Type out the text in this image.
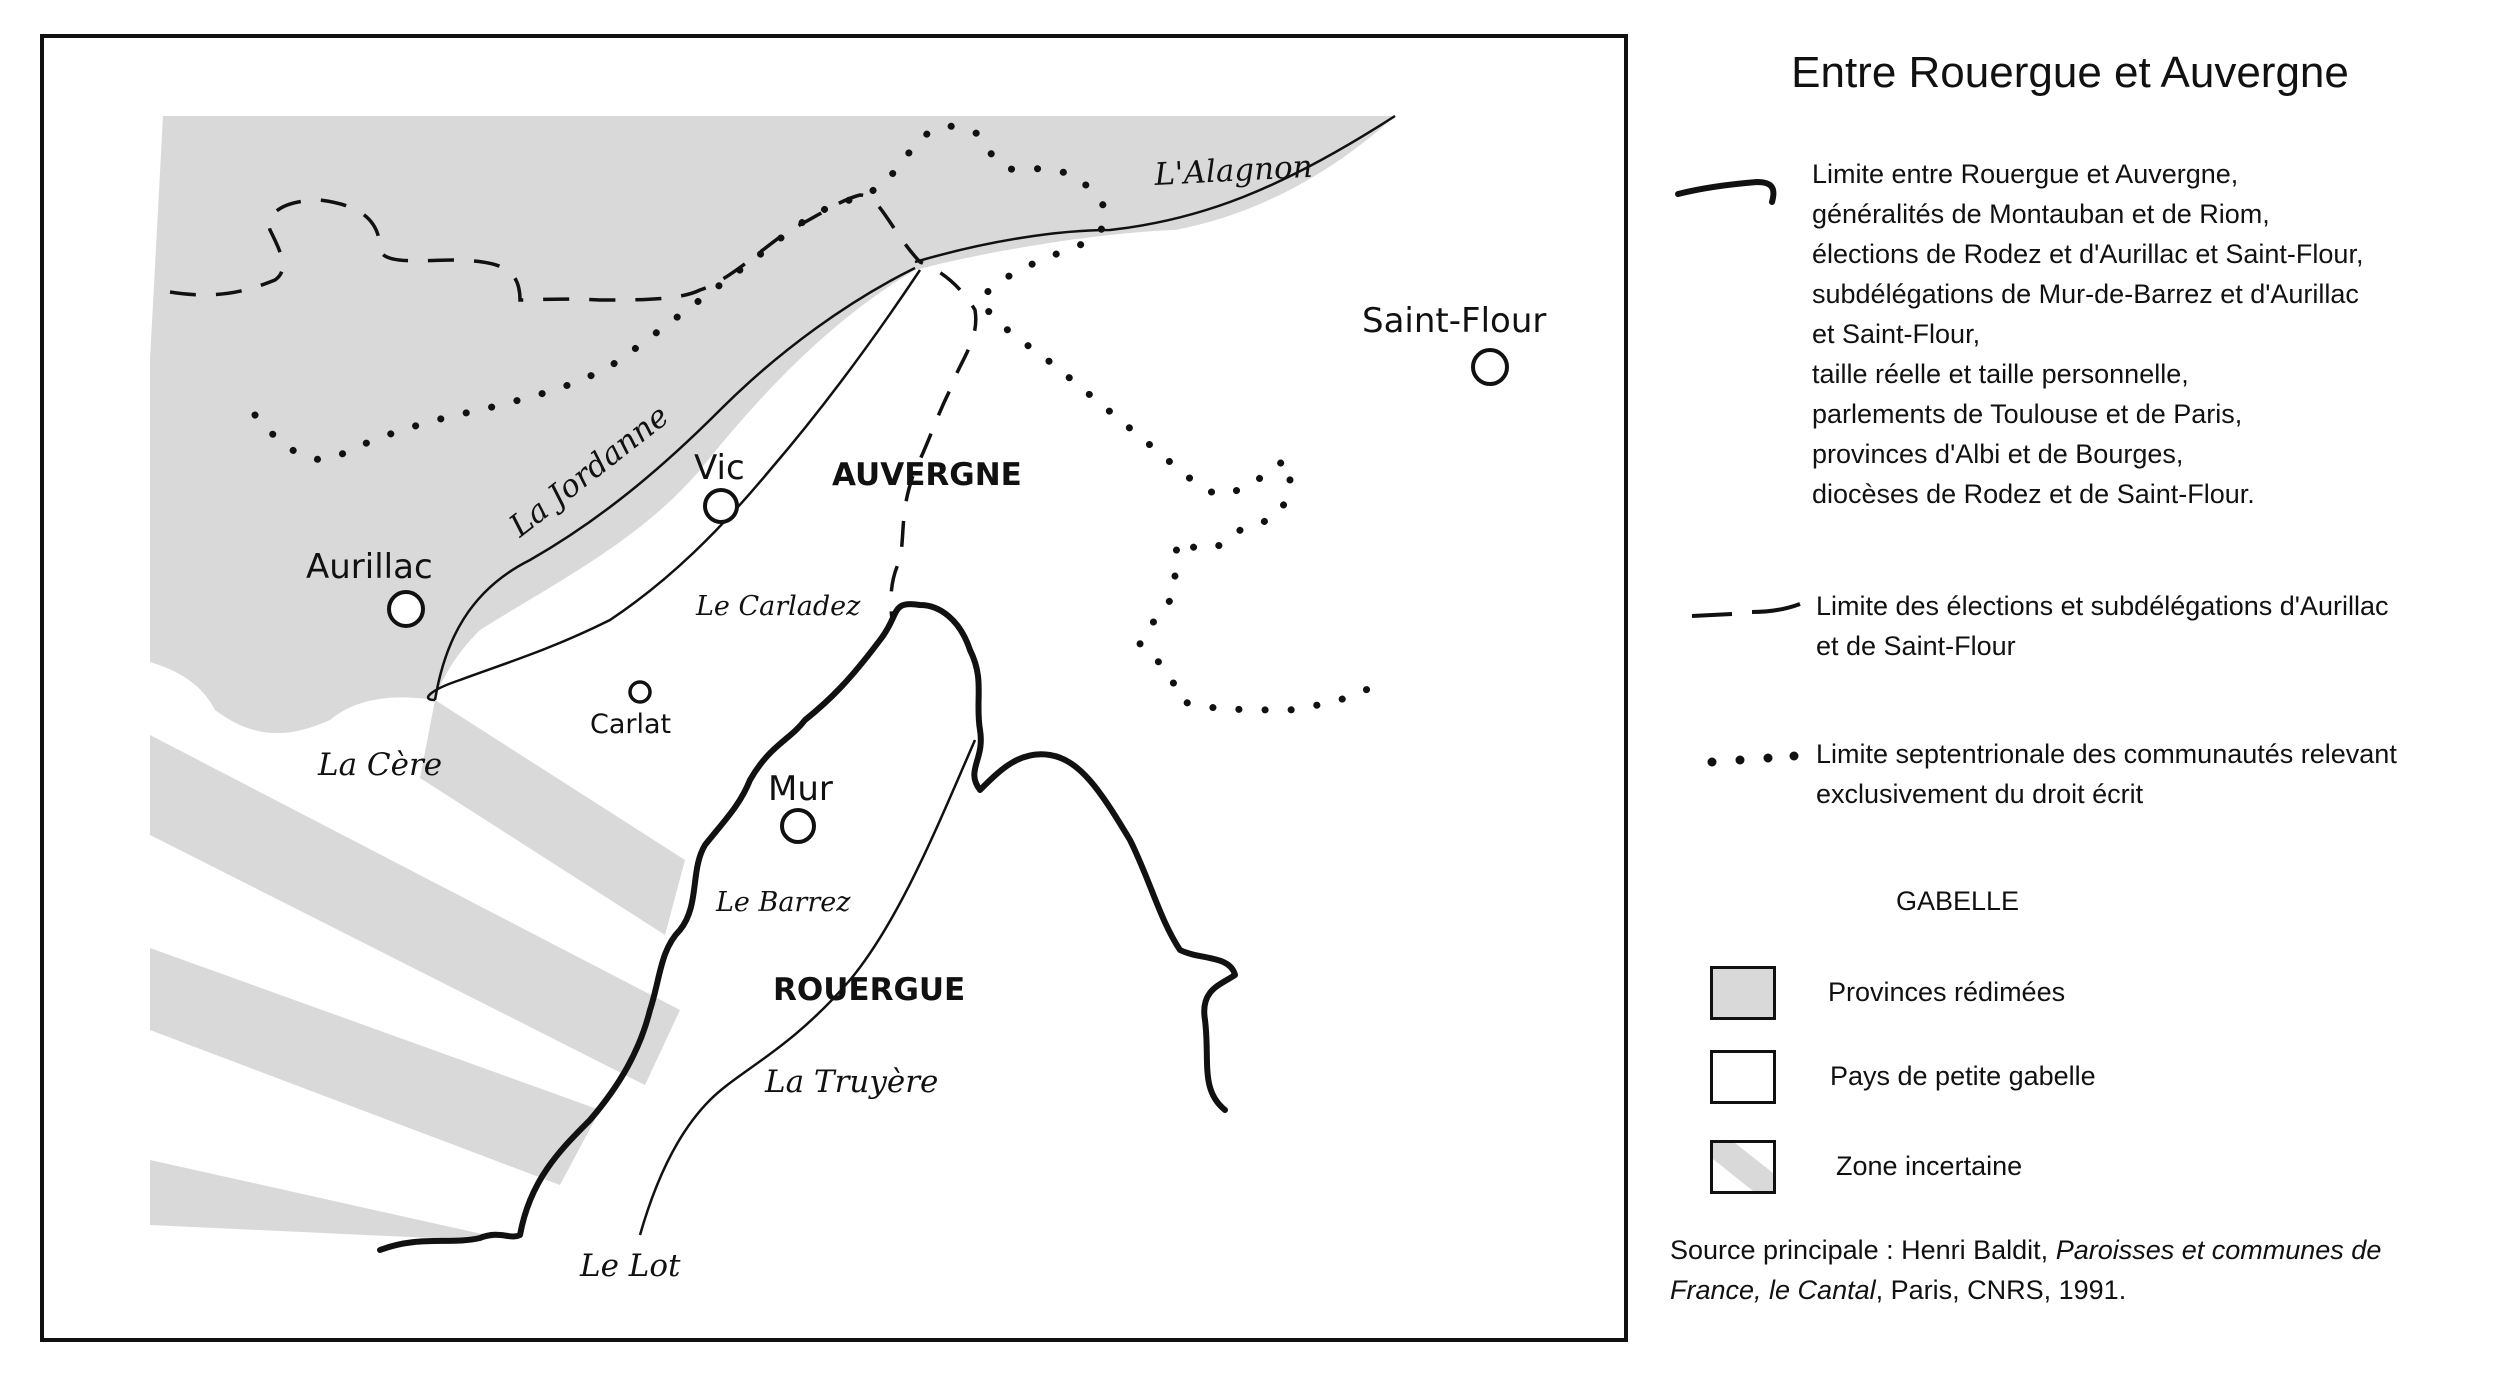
Saint-Flour
Vic
Aurillac
Carlat
Mur
AUVERGNE
ROUERGUE
Le Carladez
Le Barrez
L'Alagnon
La Jordanne
La Cère
La Truyère
Le Lot
Entre Rouergue et Auvergne
Limite entre Rouergue et Auvergne,
généralités de Montauban et de Riom,
élections de Rodez et d'Aurillac et Saint-Flour,
subdélégations de Mur-de-Barrez et d'Aurillac
et Saint-Flour,
taille réelle et taille personnelle,
parlements de Toulouse et de Paris,
provinces d'Albi et de Bourges,
diocèses de Rodez et de Saint-Flour.
Limite des élections et subdélégations d'Aurillac
et de Saint-Flour
Limite septentrionale des communautés relevant
exclusivement du droit écrit
GABELLE
Provinces rédimées
Pays de petite gabelle
Zone incertaine
Source principale : Henri Baldit, Paroisses et communes de France, le Cantal, Paris, CNRS, 1991.
